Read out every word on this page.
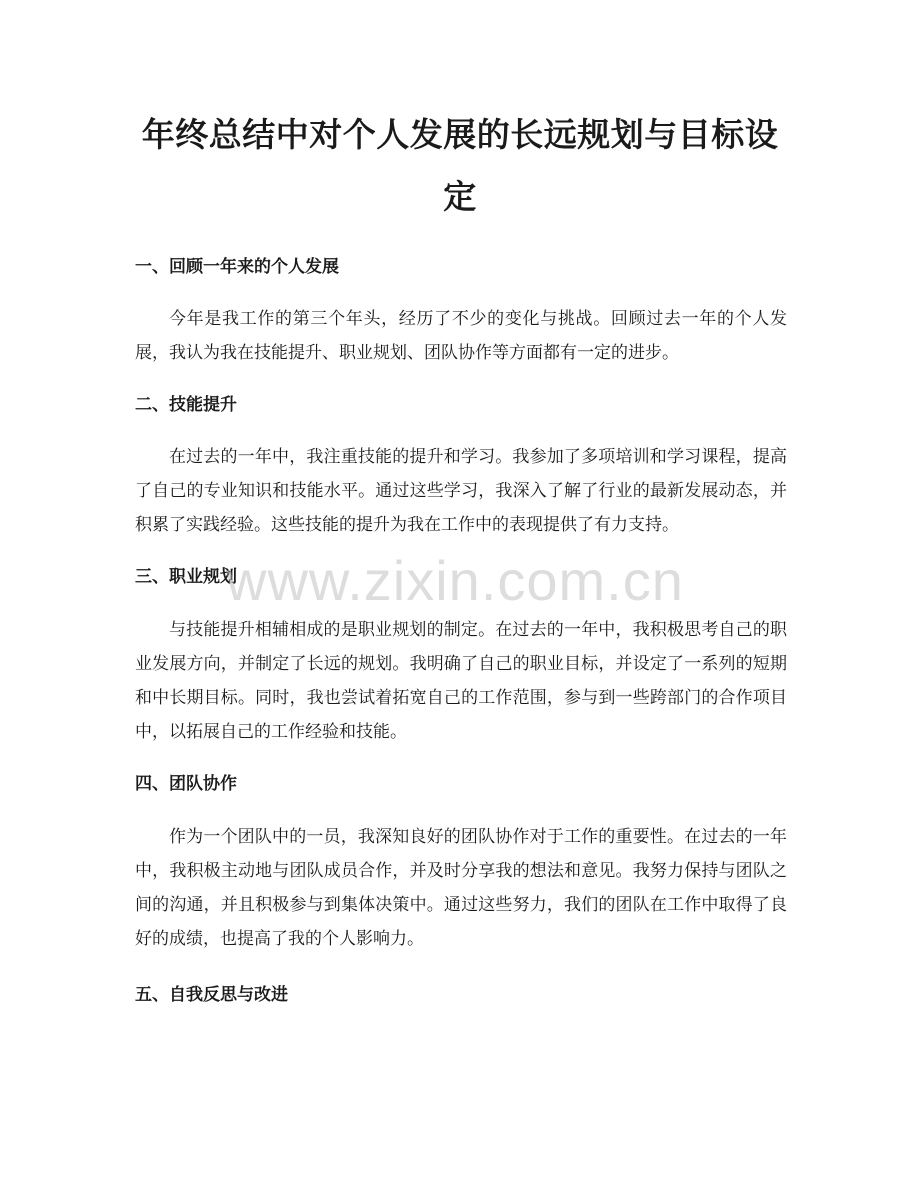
年终总结中对个人发展的长远规划与目标设定
一、回顾一年来的个人发展

今年是我工作的第三个年头，经历了不少的变化与挑战。回顾过去一年的个人发展，我认为我在技能提升、职业规划、团队协作等方面都有一定的进步。

二、技能提升

在过去的一年中，我注重技能的提升和学习。我参加了多项培训和学习课程，提高了自己的专业知识和技能水平。通过这些学习，我深入了解了行业的最新发展动态，并积累了实践经验。这些技能的提升为我在工作中的表现提供了有力支持。

三、职业规划

与技能提升相辅相成的是职业规划的制定。在过去的一年中，我积极思考自己的职业发展方向，并制定了长远的规划。我明确了自己的职业目标，并设定了一系列的短期和中长期目标。同时，我也尝试着拓宽自己的工作范围，参与到一些跨部门的合作项目中，以拓展自己的工作经验和技能。

四、团队协作

作为一个团队中的一员，我深知良好的团队协作对于工作的重要性。在过去的一年中，我积极主动地与团队成员合作，并及时分享我的想法和意见。我努力保持与团队之间的沟通，并且积极参与到集体决策中。通过这些努力，我们的团队在工作中取得了良好的成绩，也提高了我的个人影响力。

五、自我反思与改进
www.zixin.com.cn
